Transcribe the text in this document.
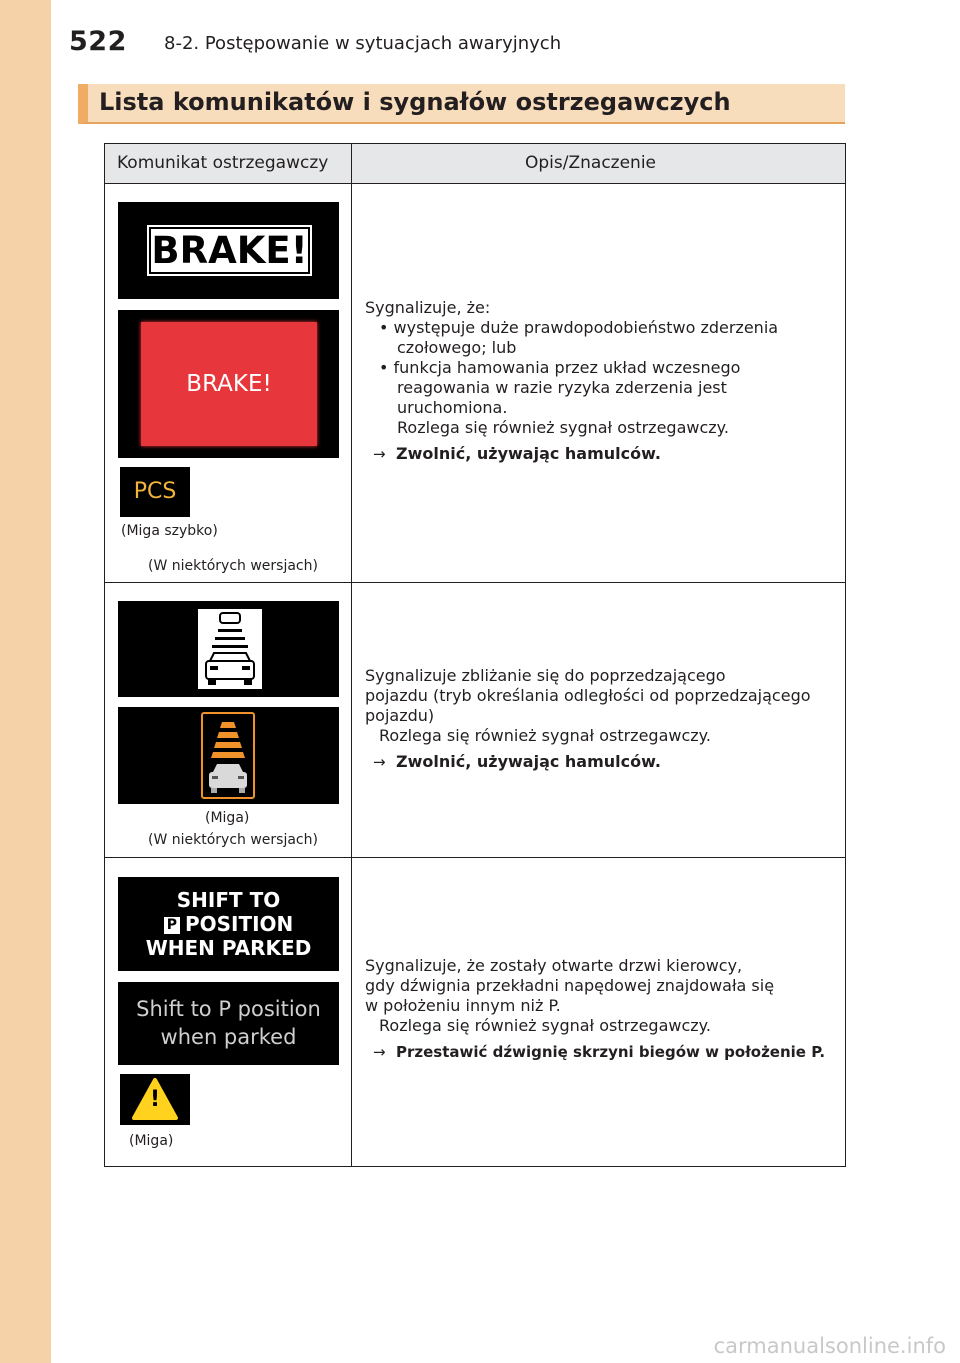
522 8-2. Postępowanie w sytuacjach awaryjnych
Lista komunikatów i sygnałów ostrzegawczych
Komunikat ostrzegawczy	Opis/Znaczenie
BRAKE!
BRAKE!
PCS
(Miga szybko)
(W niektórych wersjach)

Sygnalizuje, że:

• występuje duże prawdopodobieństwo zderzenia

czołowego; lub

• funkcja hamowania przez układ wczesnego

reagowania w razie ryzyka zderzenia jest

uruchomiona.

Rozlega się również sygnał ostrzegawczy.

→ Zwolnić, używając hamulców.
(Miga)
(W niektórych wersjach)

Sygnalizuje zbliżanie się do poprzedzającego

pojazdu (tryb określania odległości od poprzedzającego

pojazdu)

Rozlega się również sygnał ostrzegawczy.

→ Zwolnić, używając hamulców.
SHIFT TO
P POSITION
WHEN PARKED
Shift to P position
when parked
!
(Miga)

Sygnalizuje, że zostały otwarte drzwi kierowcy,

gdy dźwignia przekładni napędowej znajdowała się

w położeniu innym niż P.

Rozlega się również sygnał ostrzegawczy.

→ Przestawić dźwignię skrzyni biegów w położenie P.
carmanualsonline.info
